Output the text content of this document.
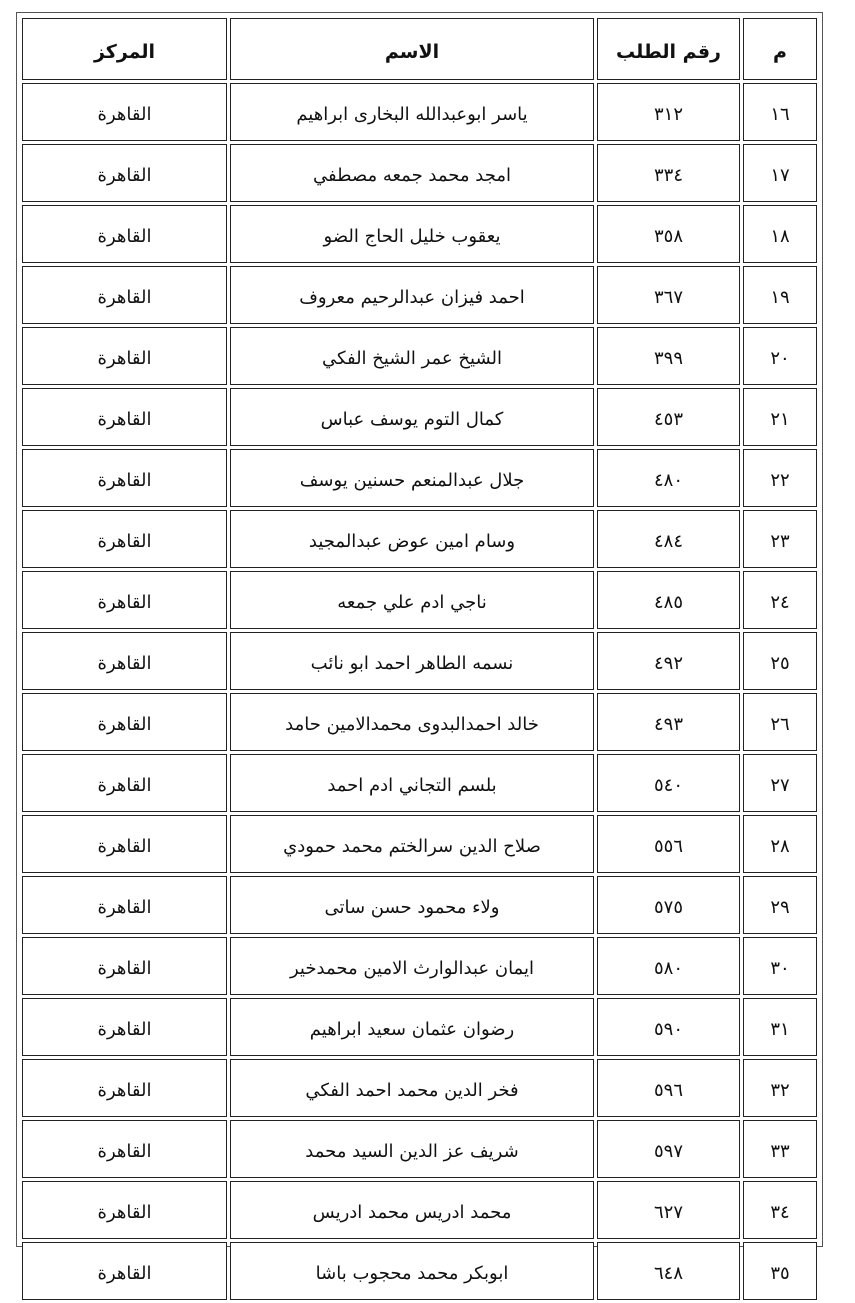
م	رقم الطلب	الاسم	المركز
١٦	٣١٢	ياسر ابوعبدالله البخارى ابراهيم	القاهرة
١٧	٣٣٤	امجد محمد جمعه مصطفي	القاهرة
١٨	٣٥٨	يعقوب خليل الحاج الضو	القاهرة
١٩	٣٦٧	احمد فيزان عبدالرحيم معروف	القاهرة
٢٠	٣٩٩	الشيخ عمر الشيخ الفكي	القاهرة
٢١	٤٥٣	كمال التوم يوسف عباس	القاهرة
٢٢	٤٨٠	جلال عبدالمنعم حسنين يوسف	القاهرة
٢٣	٤٨٤	وسام امين عوض عبدالمجيد	القاهرة
٢٤	٤٨٥	ناجي ادم علي جمعه	القاهرة
٢٥	٤٩٢	نسمه الطاهر احمد ابو نائب	القاهرة
٢٦	٤٩٣	خالد احمدالبدوى محمدالامين حامد	القاهرة
٢٧	٥٤٠	بلسم التجاني ادم احمد	القاهرة
٢٨	٥٥٦	صلاح الدين سرالختم محمد حمودي	القاهرة
٢٩	٥٧٥	ولاء محمود حسن ساتى	القاهرة
٣٠	٥٨٠	ايمان عبدالوارث الامين محمدخير	القاهرة
٣١	٥٩٠	رضوان عثمان سعيد ابراهيم	القاهرة
٣٢	٥٩٦	فخر الدين محمد احمد الفكي	القاهرة
٣٣	٥٩٧	شريف عز الدين السيد محمد	القاهرة
٣٤	٦٢٧	محمد ادريس محمد ادريس	القاهرة
٣٥	٦٤٨	ابوبكر محمد محجوب باشا	القاهرة
